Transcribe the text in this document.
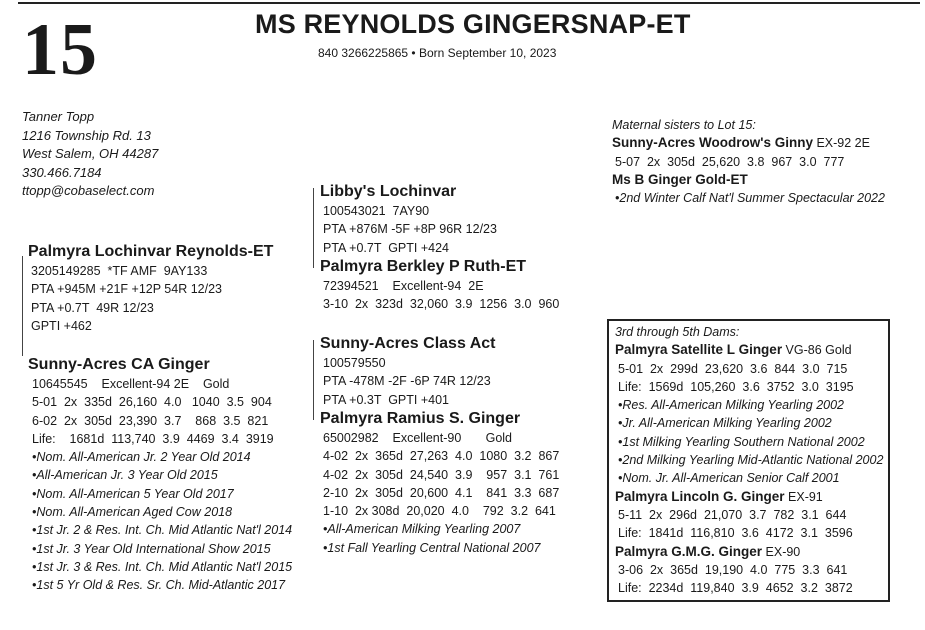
15	MS REYNOLDS GINGERSNAP-ET
840 3266225865 • Born September 10, 2023
Tanner Topp
1216 Township Rd. 13
West Salem, OH 44287
330.466.7184
ttopp@cobaselect.com
Palmyra Lochinvar Reynolds-ET
3205149285  *TF AMF  9AY133
PTA +945M +21F +12P 54R 12/23
PTA +0.7T  49R 12/23
GPTI +462
Sunny-Acres CA Ginger
10645545    Excellent-94 2E    Gold
5-01  2x  335d  26,160  4.0   1040  3.5  904
6-02  2x  305d  23,390  3.7    868  3.5  821
Life:    1681d  113,740  3.9  4469  3.4  3919
•Nom. All-American Jr. 2 Year Old 2014
•All-American Jr. 3 Year Old 2015
•Nom. All-American 5 Year Old 2017
•Nom. All-American Aged Cow 2018
•1st Jr. 2 & Res. Int. Ch. Mid Atlantic Nat'l 2014
•1st Jr. 3 Year Old International Show 2015
•1st Jr. 3 & Res. Int. Ch. Mid Atlantic Nat'l 2015
•1st 5 Yr Old & Res. Sr. Ch. Mid-Atlantic 2017
Libby's Lochinvar
100543021  7AY90
PTA +876M -5F +8P 96R 12/23
PTA +0.7T  GPTI +424
Palmyra Berkley P Ruth-ET
72394521    Excellent-94  2E
3-10  2x  323d  32,060  3.9  1256  3.0  960
Sunny-Acres Class Act
100579550
PTA -478M -2F -6P 74R 12/23
PTA +0.3T  GPTI +401
Palmyra Ramius S. Ginger
65002982    Excellent-90       Gold
4-02  2x  365d  27,263  4.0  1080  3.2  867
4-02  2x  305d  24,540  3.9    957  3.1  761
2-10  2x  305d  20,600  4.1    841  3.3  687
1-10  2x 308d  20,020  4.0    792  3.2  641
•All-American Milking Yearling 2007
•1st Fall Yearling Central National 2007
Maternal sisters to Lot 15:
Sunny-Acres Woodrow's Ginny EX-92 2E
5-07  2x  305d  25,620  3.8  967  3.0  777
Ms B Ginger Gold-ET
•2nd Winter Calf Nat'l Summer Spectacular 2022
3rd through 5th Dams:
Palmyra Satellite L Ginger VG-86 Gold
5-01  2x  299d  23,620  3.6  844  3.0  715
Life:  1569d  105,260  3.6  3752  3.0  3195
•Res. All-American Milking Yearling 2002
•Jr. All-American Milking Yearling 2002
•1st Milking Yearling Southern National 2002
•2nd Milking Yearling Mid-Atlantic National 2002
•Nom. Jr. All-American Senior Calf 2001
Palmyra Lincoln G. Ginger EX-91
5-11  2x  296d  21,070  3.7  782  3.1  644
Life:  1841d  116,810  3.6  4172  3.1  3596
Palmyra G.M.G. Ginger EX-90
3-06  2x  365d  19,190  4.0  775  3.3  641
Life:  2234d  119,840  3.9  4652  3.2  3872
